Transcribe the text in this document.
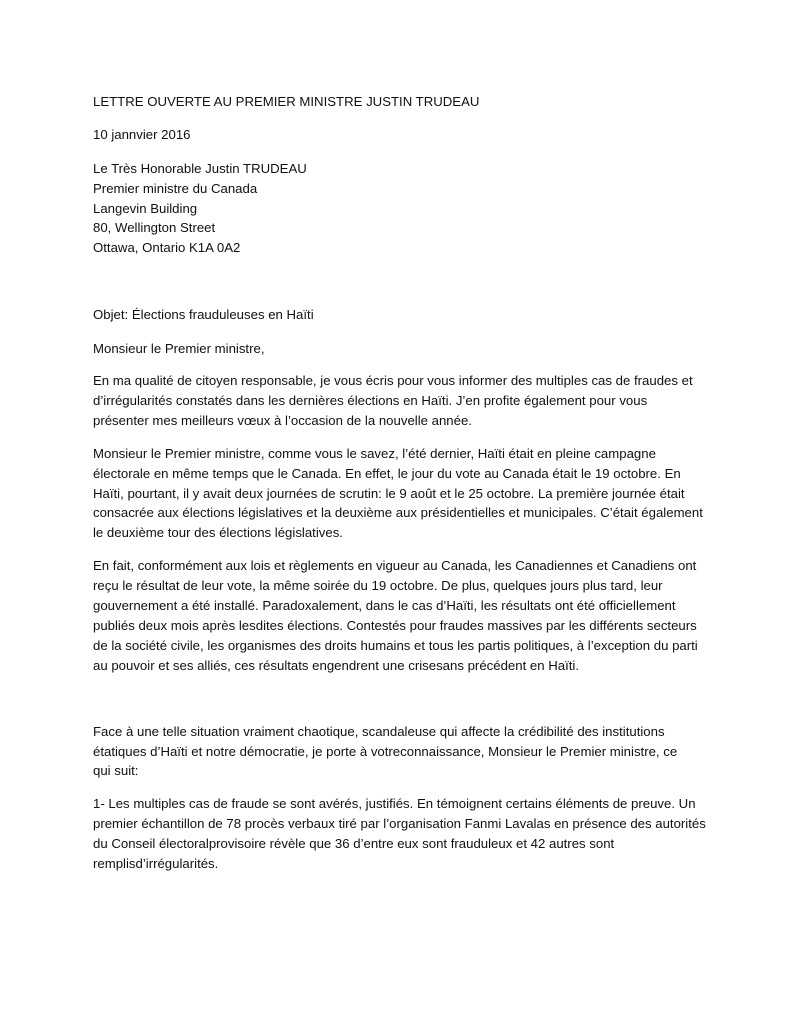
LETTRE OUVERTE AU PREMIER MINISTRE JUSTIN TRUDEAU
10 jannvier 2016
Le Très Honorable Justin TRUDEAU
Premier ministre du Canada
Langevin Building
80, Wellington Street
Ottawa, Ontario K1A 0A2
Objet: Élections frauduleuses en Haïti
Monsieur le Premier ministre,
En ma qualité de citoyen responsable, je vous écris pour vous informer des multiples cas de fraudes et
d’irrégularités constatés dans les dernières élections en Haïti. J’en profite également pour vous
présenter mes meilleurs vœux à l’occasion de la nouvelle année.
Monsieur le Premier ministre, comme vous le savez, l’été dernier, Haïti était en pleine campagne
électorale en même temps que le Canada. En effet, le jour du vote au Canada était le 19 octobre. En
Haïti, pourtant, il y avait deux journées de scrutin: le 9 août et le 25 octobre. La première journée était
consacrée aux élections législatives et la deuxième aux présidentielles et municipales. C’était également
le deuxième tour des élections législatives.
En fait, conformément aux lois et règlements en vigueur au Canada, les Canadiennes et Canadiens ont
reçu le résultat de leur vote, la même soirée du 19 octobre. De plus, quelques jours plus tard, leur
gouvernement a été installé. Paradoxalement, dans le cas d’Haïti, les résultats ont été officiellement
publiés deux mois après lesdites élections. Contestés pour fraudes massives par les différents secteurs
de la société civile, les organismes des droits humains et tous les partis politiques, à l’exception du parti
au pouvoir et ses alliés, ces résultats engendrent une crisesans précédent en Haïti.
Face à une telle situation vraiment chaotique, scandaleuse qui affecte la crédibilité des institutions
étatiques d’Haïti et notre démocratie, je porte à votreconnaissance, Monsieur le Premier ministre, ce
qui suit:
1- Les multiples cas de fraude se sont avérés, justifiés. En témoignent certains éléments de preuve. Un
premier échantillon de 78 procès verbaux tiré par l’organisation Fanmi Lavalas en présence des autorités
du Conseil électoralprovisoire révèle que 36 d’entre eux sont frauduleux et 42 autres sont
remplisd’irrégularités.
